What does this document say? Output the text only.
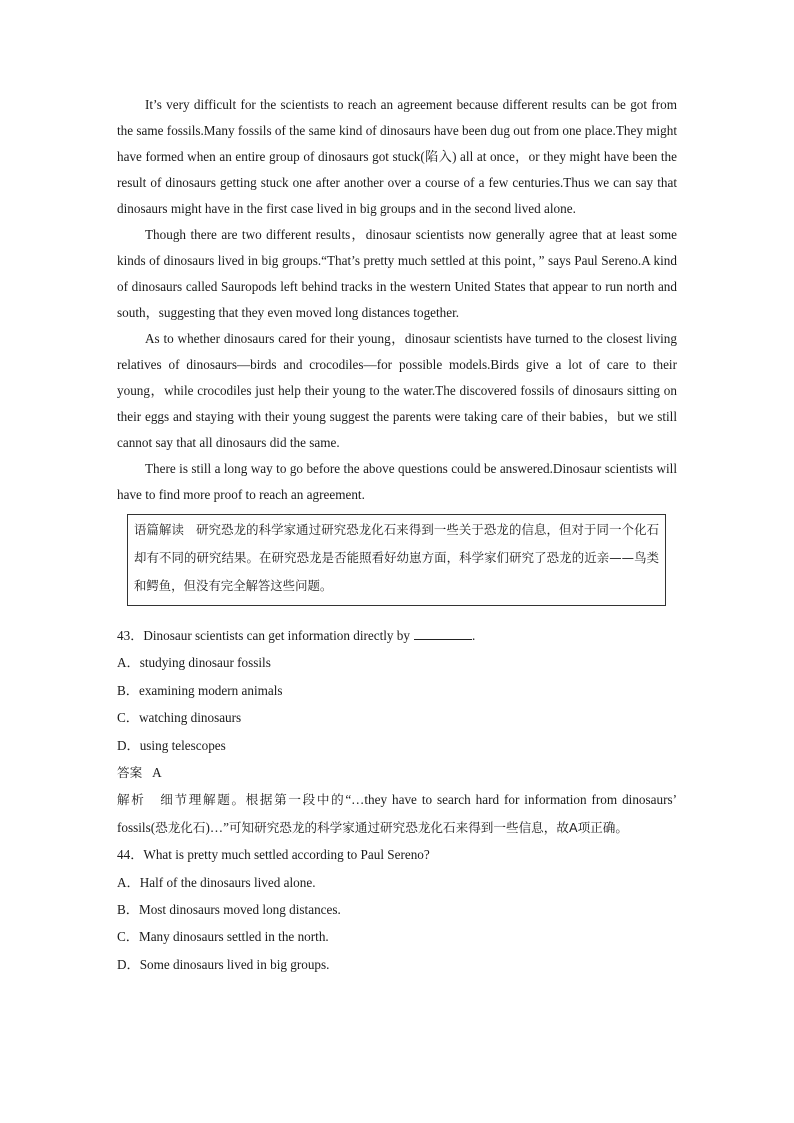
It’s very difficult for the scientists to reach an agreement because different results can be got from the same fossils.Many fossils of the same kind of dinosaurs have been dug out from one place.They might have formed when an entire group of dinosaurs got stuck(陷入) all at once，or they might have been the result of dinosaurs getting stuck one after another over a course of a few centuries.Thus we can say that dinosaurs might have in the first case lived in big groups and in the second lived alone.

Though there are two different results，dinosaur scientists now generally agree that at least some kinds of dinosaurs lived in big groups.“That’s pretty much settled at this point，” says Paul Sereno.A kind of dinosaurs called Sauropods left behind tracks in the western United States that appear to run north and south，suggesting that they even moved long distances together.

As to whether dinosaurs cared for their young，dinosaur scientists have turned to the closest living relatives of dinosaurs—birds and crocodiles—for possible models.Birds give a lot of care to their young，while crocodiles just help their young to the water.The discovered fossils of dinosaurs sitting on their eggs and staying with their young suggest the parents were taking care of their babies，but we still cannot say that all dinosaurs did the same.

There is still a long way to go before the above questions could be answered.Dinosaur scientists will have to find more proof to reach an agreement.

语篇解读 研究恐龙的科学家通过研究恐龙化石来得到一些关于恐龙的信息，但对于同一个化石却有不同的研究结果。在研究恐龙是否能照看好幼崽方面，科学家们研究了恐龙的近亲——鸟类和鳄鱼，但没有完全解答这些问题。

43．Dinosaur scientists can get information directly by	.

A．studying dinosaur fossils

B．examining modern animals

C．watching dinosaurs

D．using telescopes

答案 A

解析 细节理解题。根据第一段中的“…they have to search hard for information from dinosaurs’ fossils(恐龙化石)…”可知研究恐龙的科学家通过研究恐龙化石来得到一些信息，故A项正确。

44．What is pretty much settled according to Paul Sereno?

A．Half of the dinosaurs lived alone.

B．Most dinosaurs moved long distances.

C．Many dinosaurs settled in the north.

D．Some dinosaurs lived in big groups.
